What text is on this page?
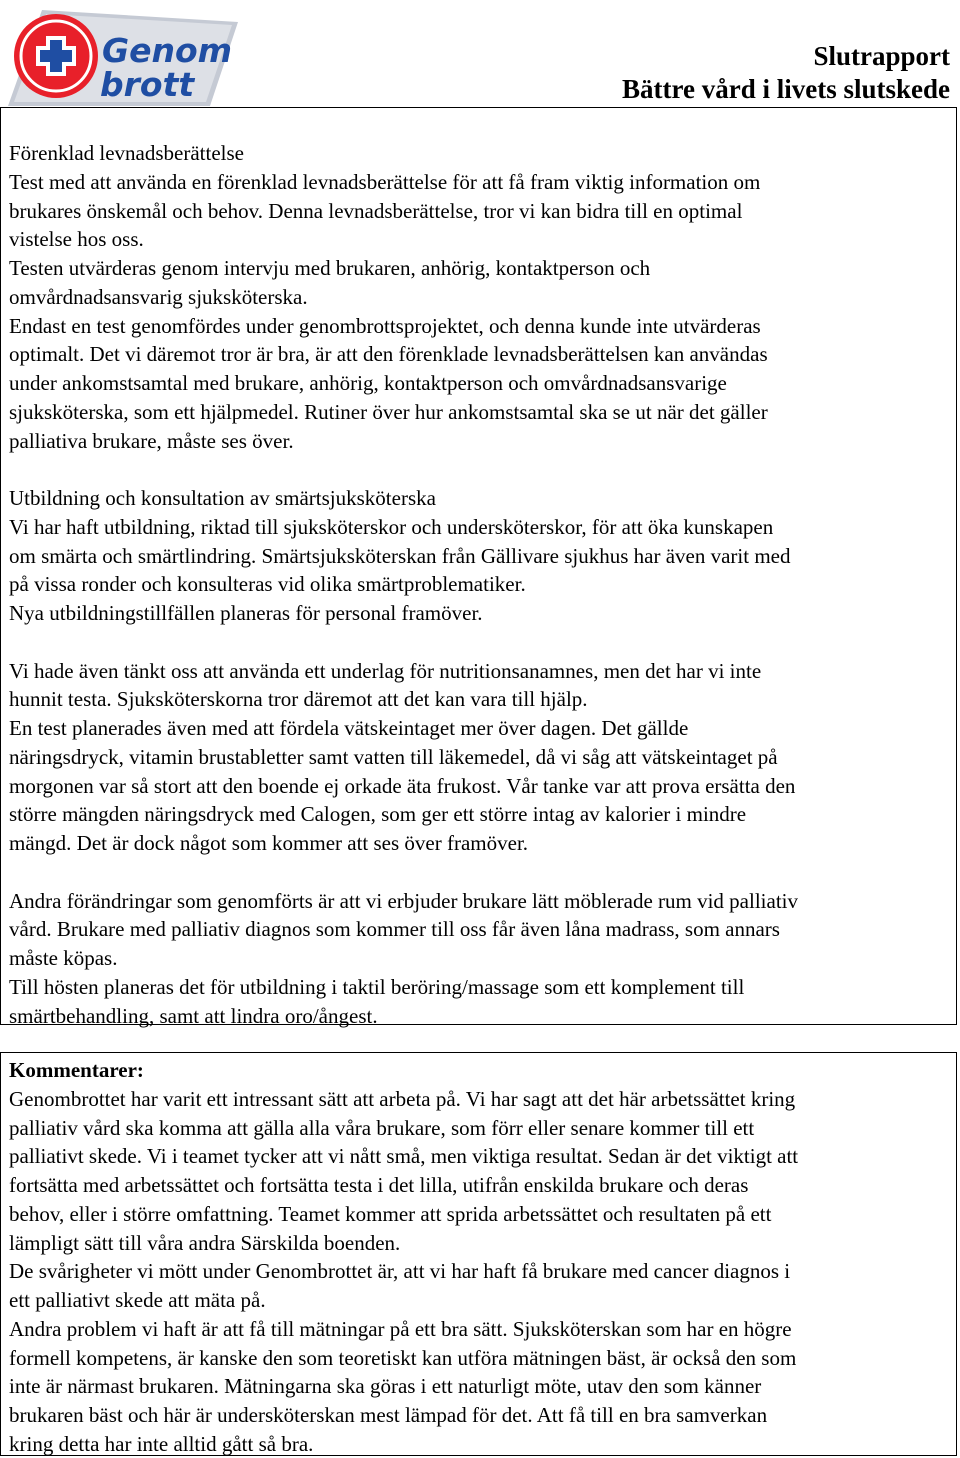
Genom
brott
Slutrapport
Bättre vård i livets slutskede
Förenklad levnadsberättelse
Test med att använda en förenklad levnadsberättelse för att få fram viktig information om
brukares önskemål och behov. Denna levnadsberättelse, tror vi kan bidra till en optimal
vistelse hos oss.
Testen utvärderas genom intervju med brukaren, anhörig, kontaktperson och
omvårdnadsansvarig sjuksköterska.
Endast en test genomfördes under genombrottsprojektet, och denna kunde inte utvärderas
optimalt. Det vi däremot tror är bra, är att den förenklade levnadsberättelsen kan användas
under ankomstsamtal med brukare, anhörig, kontaktperson och omvårdnadsansvarige
sjuksköterska, som ett hjälpmedel. Rutiner över hur ankomstsamtal ska se ut när det gäller
palliativa brukare, måste ses över.
Utbildning och konsultation av smärtsjuksköterska
Vi har haft utbildning, riktad till sjuksköterskor och undersköterskor, för att öka kunskapen
om smärta och smärtlindring. Smärtsjuksköterskan från Gällivare sjukhus har även varit med
på vissa ronder och konsulteras vid olika smärtproblematiker.
Nya utbildningstillfällen planeras för personal framöver.
Vi hade även tänkt oss att använda ett underlag för nutritionsanamnes, men det har vi inte
hunnit testa. Sjuksköterskorna tror däremot att det kan vara till hjälp.
En test planerades även med att fördela vätskeintaget mer över dagen. Det gällde
näringsdryck, vitamin brustabletter samt vatten till läkemedel, då vi såg att vätskeintaget på
morgonen var så stort att den boende ej orkade äta frukost. Vår tanke var att prova ersätta den
större mängden näringsdryck med Calogen, som ger ett större intag av kalorier i mindre
mängd. Det är dock något som kommer att ses över framöver.
Andra förändringar som genomförts är att vi erbjuder brukare lätt möblerade rum vid palliativ
vård. Brukare med palliativ diagnos som kommer till oss får även låna madrass, som annars
måste köpas.
Till hösten planeras det för utbildning i taktil beröring/massage som ett komplement till
smärtbehandling, samt att lindra oro/ångest.
Kommentarer:
Genombrottet har varit ett intressant sätt att arbeta på. Vi har sagt att det här arbetssättet kring
palliativ vård ska komma att gälla alla våra brukare, som förr eller senare kommer till ett
palliativt skede. Vi i teamet tycker att vi nått små, men viktiga resultat. Sedan är det viktigt att
fortsätta med arbetssättet och fortsätta testa i det lilla, utifrån enskilda brukare och deras
behov, eller i större omfattning. Teamet kommer att sprida arbetssättet och resultaten på ett
lämpligt sätt till våra andra Särskilda boenden.
De svårigheter vi mött under Genombrottet är, att vi har haft få brukare med cancer diagnos i
ett palliativt skede att mäta på.
Andra problem vi haft är att få till mätningar på ett bra sätt. Sjuksköterskan som har en högre
formell kompetens, är kanske den som teoretiskt kan utföra mätningen bäst, är också den som
inte är närmast brukaren. Mätningarna ska göras i ett naturligt möte, utav den som känner
brukaren bäst och här är undersköterskan mest lämpad för det. Att få till en bra samverkan
kring detta har inte alltid gått så bra.
